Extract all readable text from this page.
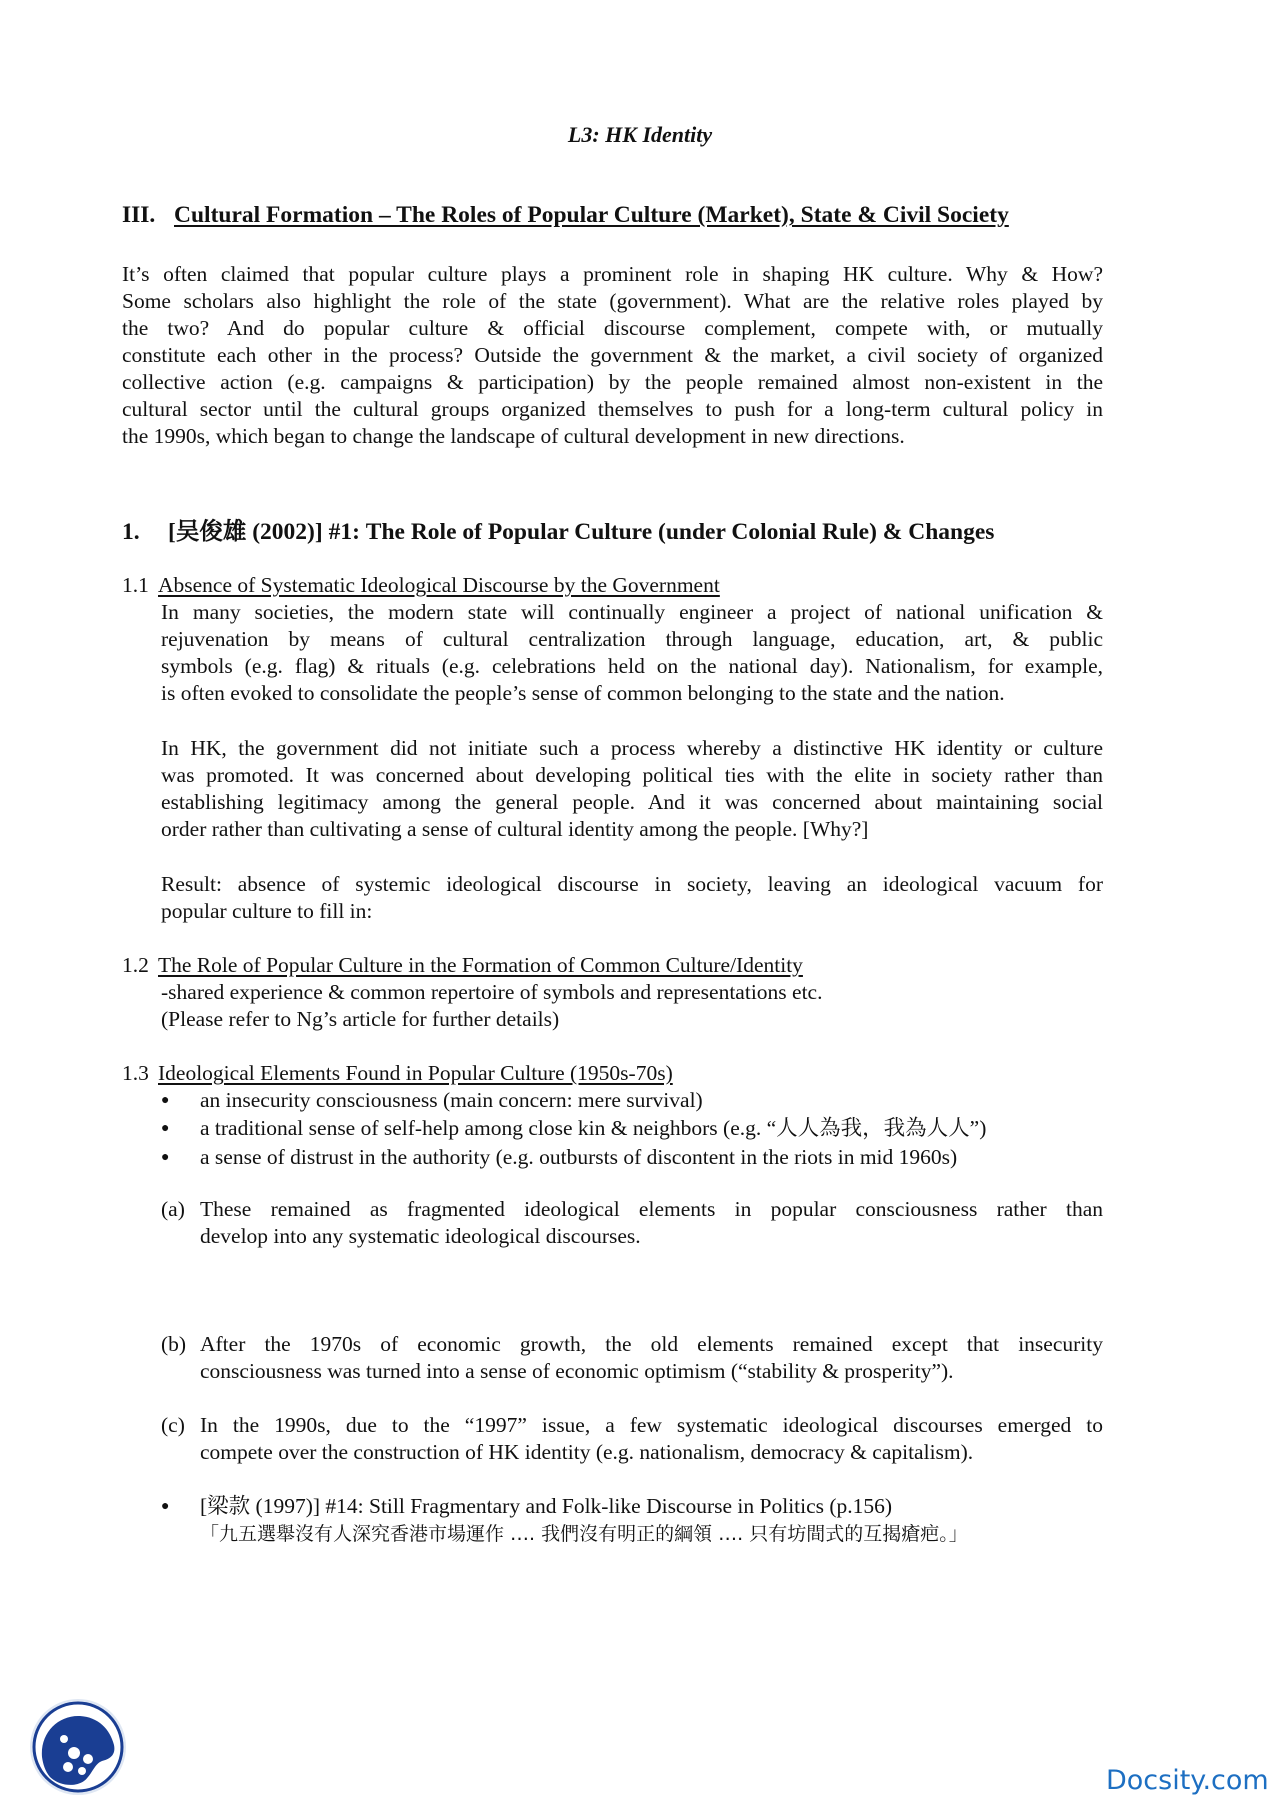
L3: HK Identity
III. Cultural Formation – The Roles of Popular Culture (Market), State & Civil Society
It’s often claimed that popular culture plays a prominent role in shaping HK culture. Why & How?
Some scholars also highlight the role of the state (government). What are the relative roles played by
the two? And do popular culture & official discourse complement, compete with, or mutually
constitute each other in the process? Outside the government & the market, a civil society of organized
collective action (e.g. campaigns & participation) by the people remained almost non-existent in the
cultural sector until the cultural groups organized themselves to push for a long-term cultural policy in
the 1990s, which began to change the landscape of cultural development in new directions.
1. [吴俊雄 (2002)] #1: The Role of Popular Culture (under Colonial Rule) & Changes
1.1 Absence of Systematic Ideological Discourse by the Government
In many societies, the modern state will continually engineer a project of national unification &
rejuvenation by means of cultural centralization through language, education, art, & public
symbols (e.g. flag) & rituals (e.g. celebrations held on the national day). Nationalism, for example,
is often evoked to consolidate the people’s sense of common belonging to the state and the nation.
In HK, the government did not initiate such a process whereby a distinctive HK identity or culture
was promoted. It was concerned about developing political ties with the elite in society rather than
establishing legitimacy among the general people. And it was concerned about maintaining social
order rather than cultivating a sense of cultural identity among the people. [Why?]
Result: absence of systemic ideological discourse in society, leaving an ideological vacuum for
popular culture to fill in:
1.2 The Role of Popular Culture in the Formation of Common Culture/Identity
-shared experience & common repertoire of symbols and representations etc.
(Please refer to Ng’s article for further details)
1.3 Ideological Elements Found in Popular Culture (1950s-70s)
● an insecurity consciousness (main concern: mere survival)
● a traditional sense of self-help among close kin & neighbors (e.g. “人人為我，我為人人”)
● a sense of distrust in the authority (e.g. outbursts of discontent in the riots in mid 1960s)
(a) These remained as fragmented ideological elements in popular consciousness rather than
develop into any systematic ideological discourses.
(b) After the 1970s of economic growth, the old elements remained except that insecurity
consciousness was turned into a sense of economic optimism (“stability & prosperity”).
(c) In the 1990s, due to the “1997” issue, a few systematic ideological discourses emerged to
compete over the construction of HK identity (e.g. nationalism, democracy & capitalism).
● [梁款 (1997)] #14: Still Fragmentary and Folk-like Discourse in Politics (p.156)
「九五選舉沒有人深究香港市場運作 …. 我們沒有明正的綱領 …. 只有坊間式的互揭瘡疤。」
Docsity.com
